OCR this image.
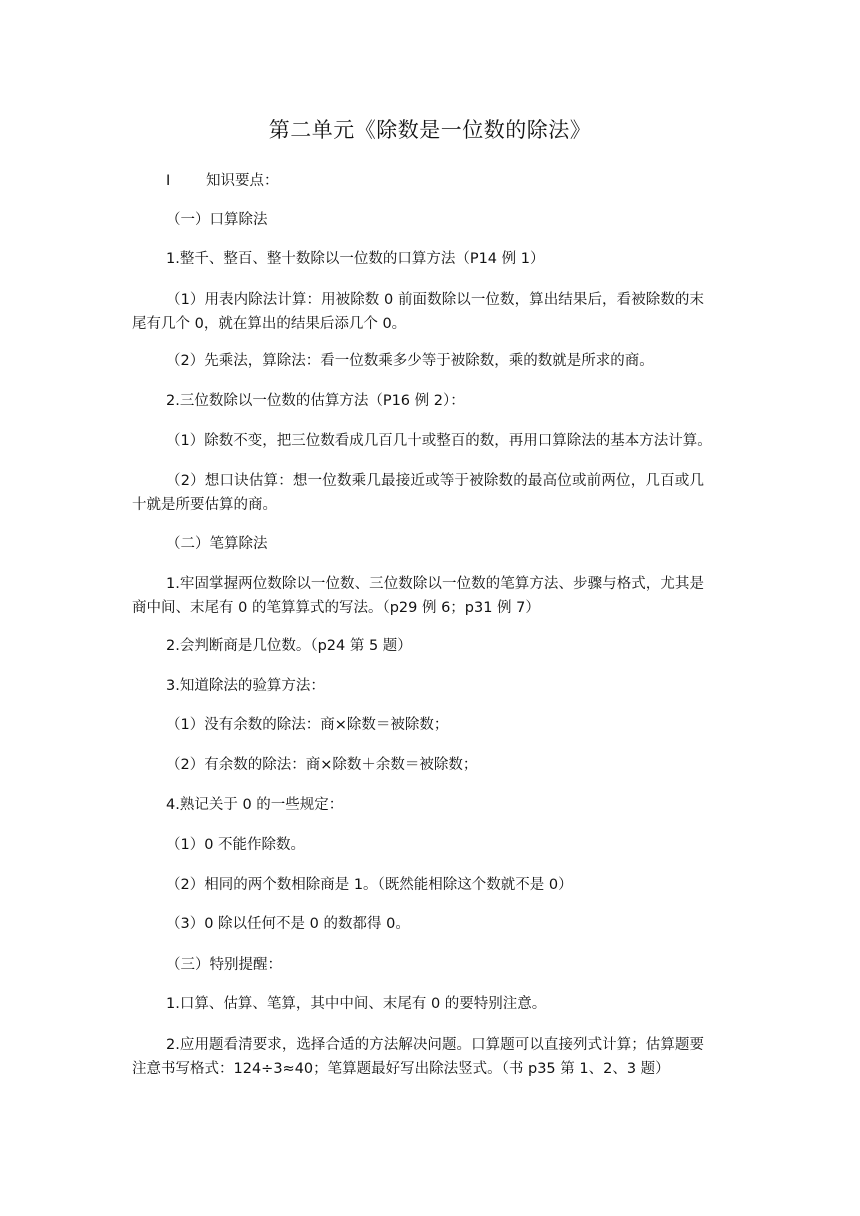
第二单元《除数是一位数的除法》

I 知识要点：

（一）口算除法

1.整千、整百、整十数除以一位数的口算方法（P14 例 1）

（1）用表内除法计算：用被除数 0 前面数除以一位数，算出结果后，看被除数的末尾有几个 0，就在算出的结果后添几个 0。

（2）先乘法，算除法：看一位数乘多少等于被除数，乘的数就是所求的商。

2.三位数除以一位数的估算方法（P16 例 2）：

（1）除数不变，把三位数看成几百几十或整百的数，再用口算除法的基本方法计算。

（2）想口诀估算：想一位数乘几最接近或等于被除数的最高位或前两位，几百或几十就是所要估算的商。

（二）笔算除法

1.牢固掌握两位数除以一位数、三位数除以一位数的笔算方法、步骤与格式，尤其是商中间、末尾有 0 的笔算算式的写法。（p29 例 6；p31 例 7）

2.会判断商是几位数。（p24 第 5 题）

3.知道除法的验算方法：

（1）没有余数的除法：商×除数＝被除数；

（2）有余数的除法：商×除数＋余数＝被除数；

4.熟记关于 0 的一些规定：

（1）0 不能作除数。

（2）相同的两个数相除商是 1。（既然能相除这个数就不是 0）

（3）0 除以任何不是 0 的数都得 0。

（三）特别提醒：

1.口算、估算、笔算，其中中间、末尾有 0 的要特别注意。

2.应用题看清要求，选择合适的方法解决问题。口算题可以直接列式计算；估算题要注意书写格式：124÷3≈40；笔算题最好写出除法竖式。（书 p35 第 1、2、3 题）
